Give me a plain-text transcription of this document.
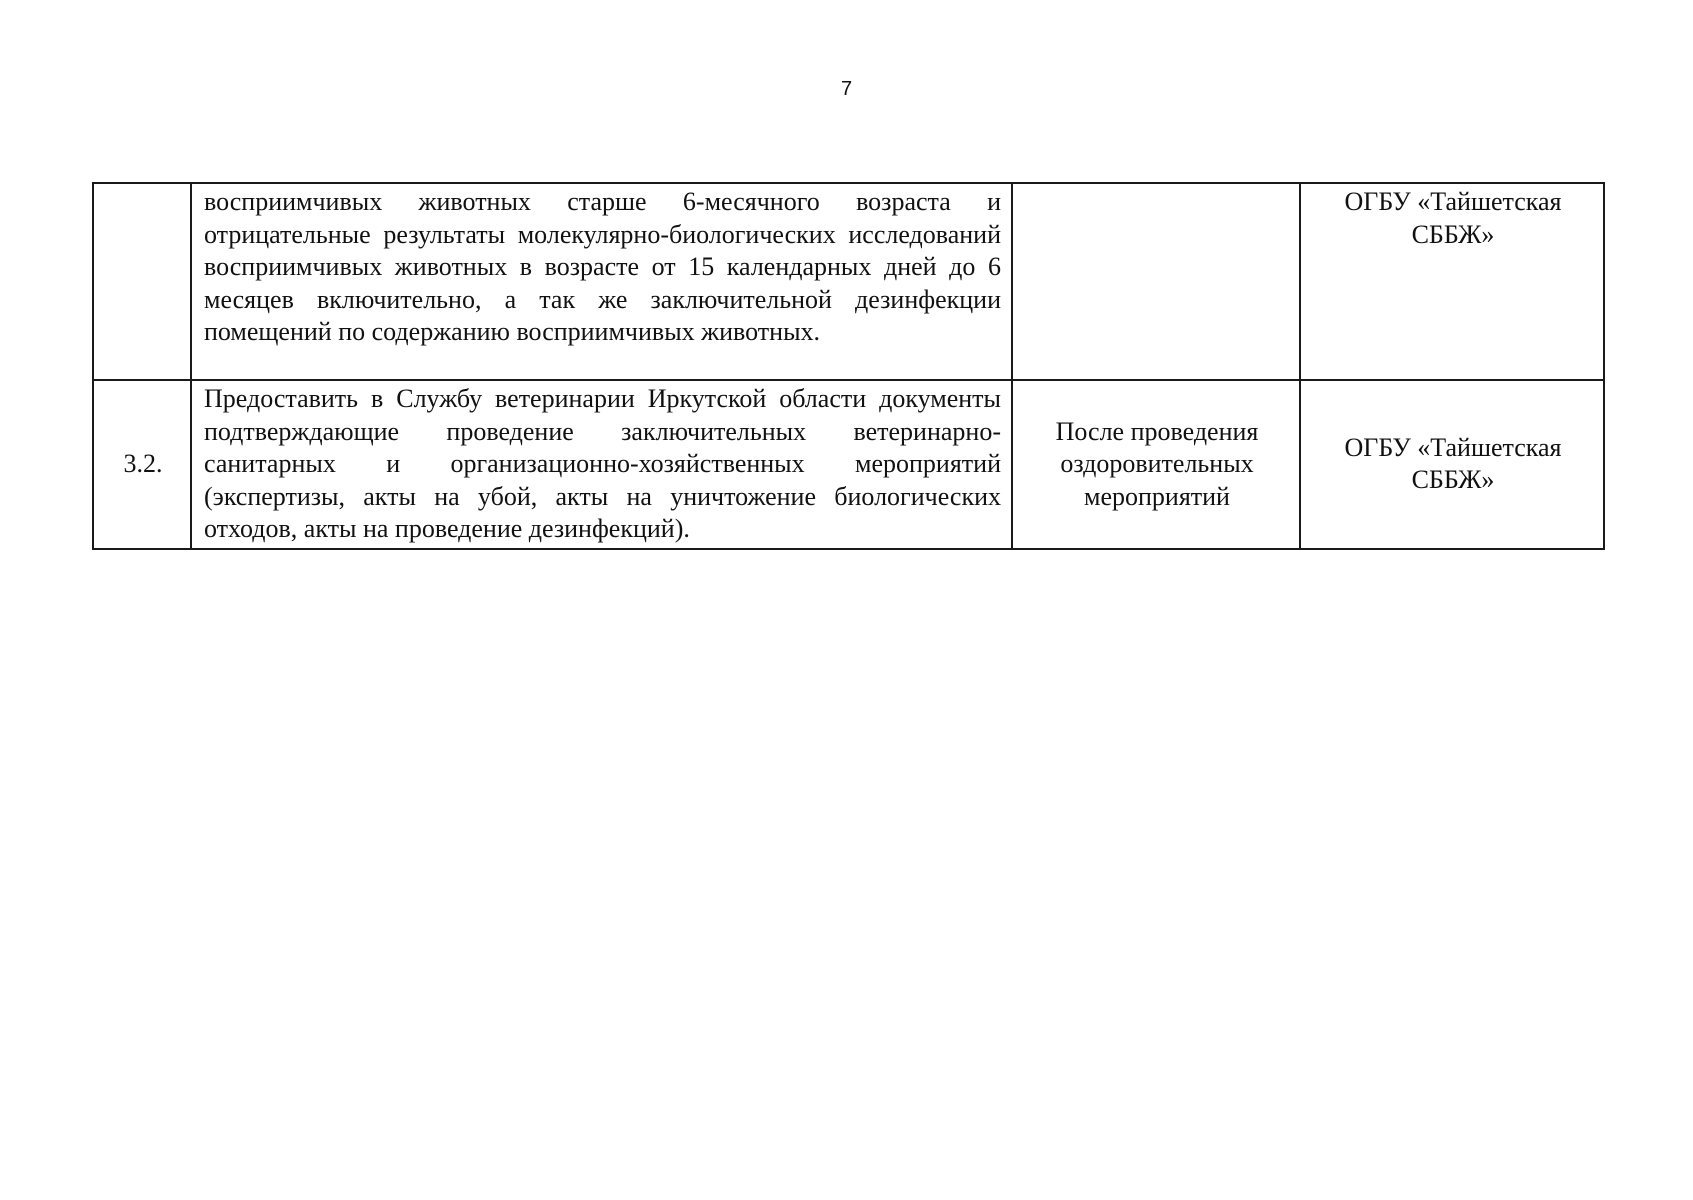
7
	восприимчивых животных старше 6-месячного возраста и отрицательные результаты молекулярно-биологических исследований восприимчивых животных в возрасте от 15 календарных дней до 6 месяцев включительно, а так же заключительной дезинфекции помещений по содержанию восприимчивых животных.		ОГБУ «Тайшетская СББЖ»
3.2.	Предоставить в Службу ветеринарии Иркутской области документы подтверждающие проведение заключительных ветеринарно-санитарных и организационно-хозяйственных мероприятий (экспертизы, акты на убой, акты на уничтожение биологических отходов, акты на проведение дезинфекций).	После проведения оздоровительных мероприятий	ОГБУ «Тайшетская СББЖ»
